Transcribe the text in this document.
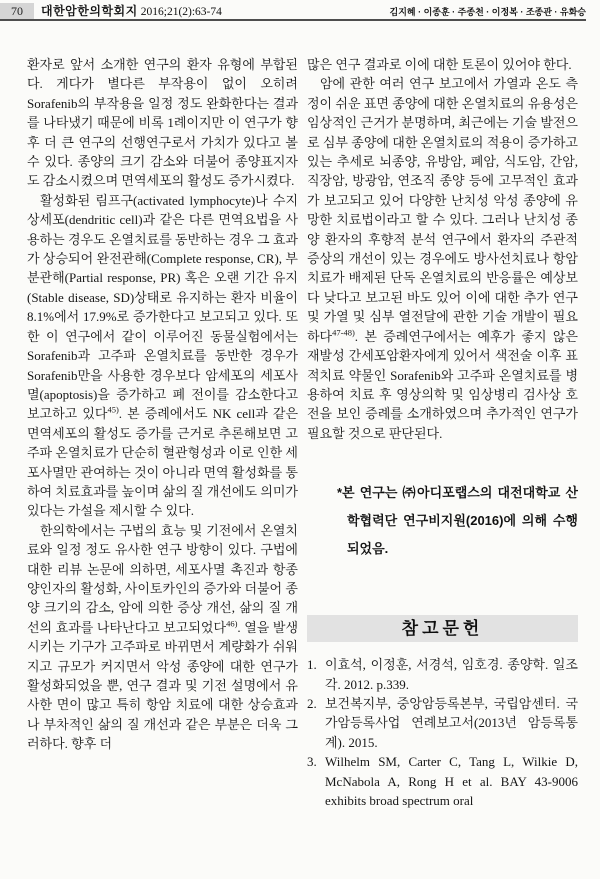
70	대한암한의학회지 2016;21(2):63-74	김지혜 · 이종훈 · 주종천 · 이정복 · 조종관 · 유화승

환자로 앞서 소개한 연구의 환자 유형에 부합된다. 게다가 별다른 부작용이 없이 오히려 Sorafenib의 부작용을 일정 정도 완화한다는 결과를 나타냈기 때문에 비록 1례이지만 이 연구가 향후 더 큰 연구의 선행연구로서 가치가 있다고 볼 수 있다. 종양의 크기 감소와 더불어 종양표지자도 감소시켰으며 면역세포의 활성도 증가시켰다.

활성화된 림프구(activated lymphocyte)나 수지상세포(dendritic cell)과 같은 다른 면역요법을 사용하는 경우도 온열치료를 동반하는 경우 그 효과가 상승되어 완전관해(Complete response, CR), 부분관해(Partial response, PR) 혹은 오랜 기간 유지(Stable disease, SD)상태로 유지하는 환자 비율이 8.1%에서 17.9%로 증가한다고 보고되고 있다. 또한 이 연구에서 같이 이루어진 동물실험에서는 Sorafenib과 고주파 온열치료를 동반한 경우가 Sorafenib만을 사용한 경우보다 암세포의 세포사멸(apoptosis)을 증가하고 폐 전이를 감소한다고 보고하고 있다$^{45)}$. 본 증례에서도 NK cell과 같은 면역세포의 활성도 증가를 근거로 추론해보면 고주파 온열치료가 단순히 혈관형성과 이로 인한 세포사멸만 관여하는 것이 아니라 면역 활성화를 통하여 치료효과를 높이며 삶의 질 개선에도 의미가 있다는 가설을 제시할 수 있다.

한의학에서는 구법의 효능 및 기전에서 온열치료와 일정 정도 유사한 연구 방향이 있다. 구법에 대한 리뷰 논문에 의하면, 세포사멸 촉진과 항종양인자의 활성화, 사이토카인의 증가와 더불어 종양 크기의 감소, 암에 의한 증상 개선, 삶의 질 개선의 효과를 나타난다고 보고되었다$^{46)}$. 열을 발생시키는 기구가 고주파로 바뀌면서 계량화가 쉬워지고 규모가 커지면서 악성 종양에 대한 연구가 활성화되었을 뿐, 연구 결과 및 기전 설명에서 유사한 면이 많고 특히 항암 치료에 대한 상승효과나 부차적인 삶의 질 개선과 같은 부분은 더욱 그러하다. 향후 더

많은 연구 결과로 이에 대한 토론이 있어야 한다.

암에 관한 여러 연구 보고에서 가열과 온도 측정이 쉬운 표면 종양에 대한 온열치료의 유용성은 임상적인 근거가 분명하며, 최근에는 기술 발전으로 심부 종양에 대한 온열치료의 적용이 증가하고 있는 추세로 뇌종양, 유방암, 폐암, 식도암, 간암, 직장암, 방광암, 연조직 종양 등에 고무적인 효과가 보고되고 있어 다양한 난치성 악성 종양에 유망한 치료법이라고 할 수 있다. 그러나 난치성 종양 환자의 후향적 분석 연구에서 환자의 주관적 증상의 개선이 있는 경우에도 방사선치료나 항암치료가 배제된 단독 온열치료의 반응률은 예상보다 낮다고 보고된 바도 있어 이에 대한 추가 연구 및 가열 및 심부 열전달에 관한 기술 개발이 필요하다$^{47-48)}$. 본 증례연구에서는 예후가 좋지 않은 재발성 간세포암환자에게 있어서 색전술 이후 표적치료 약물인 Sorafenib와 고주파 온열치료를 병용하여 치료 후 영상의학 및 임상병리 검사상 호전을 보인 증례를 소개하였으며 추가적인 연구가 필요할 것으로 판단된다.

*본 연구는 ㈜아디포랩스의 대전대학교 산학협력단 연구비지원(2016)에 의해 수행되었음.
참고문헌
1. 이효석, 이정훈, 서경석, 임호경. 종양학. 일조각. 2012. p.339.
2. 보건복지부, 중앙암등록본부, 국립암센터. 국가암등록사업 연례보고서(2013년 암등록통계). 2015.
3. Wilhelm SM, Carter C, Tang L, Wilkie D, McNabola A, Rong H et al. BAY 43-9006 exhibits broad spectrum oral
